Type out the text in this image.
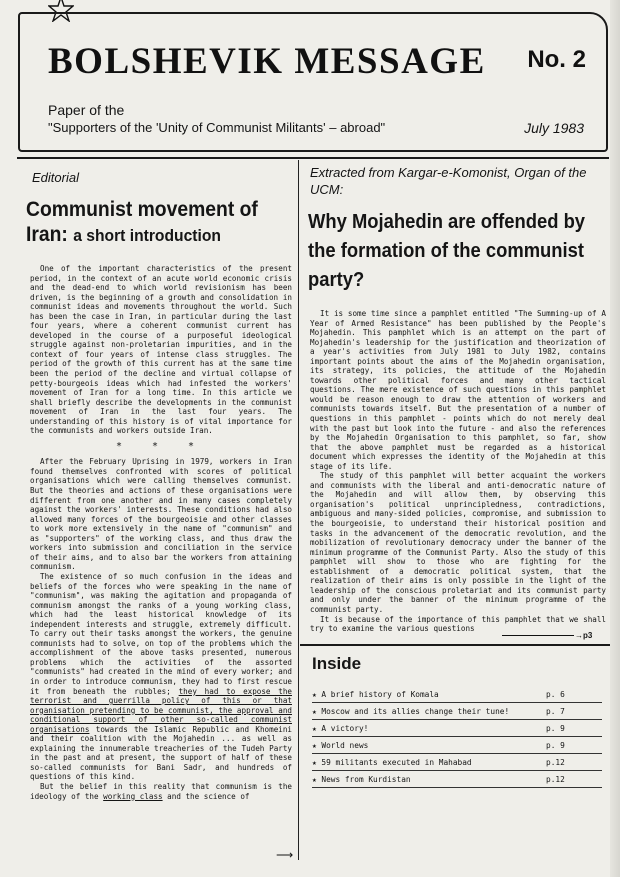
BOLSHEVIK MESSAGE No. 2
Paper of the
"Supporters of the 'Unity of Communist Militants' – abroad"	July 1983
Editorial
Communist movement of Iran: a short introduction

One of the important characteristics of the present period, in the context of an acute world economic crisis and the dead-end to which world revisionism has been driven, is the beginning of a growth and consolidation in communist ideas and movements throughout the world. Such has been the case in Iran, in particular during the last four years, where a coherent communist current has developed in the course of a purposeful ideological struggle against non-proletarian impurities, and in the context of four years of intense class struggles. The period of the growth of this current has at the same time been the period of the decline and virtual collapse of petty-bourgeois ideas which had infested the workers' movement of Iran for a long time. In this article we shall briefly describe the developments in the communist movement of Iran in the last four years. The understanding of this history is of vital importance for the communists and workers outside Iran.

* * *

After the February Uprising in 1979, workers in Iran found themselves confronted with scores of political organisations which were calling themselves communist. But the theories and actions of these organisations were different from one another and in many cases completely against the workers' interests. These conditions had also allowed many forces of the bourgeoisie and other classes to work more extensively in the name of "communism" and as "supporters" of the working class, and thus draw the workers into submission and conciliation in the service of their aims, and to also bar the workers from attaining communism.

The existence of so much confusion in the ideas and beliefs of the forces who were speaking in the name of "communism", was making the agitation and propaganda of communism amongst the ranks of a young working class, which had the least historical knowledge of its independent interests and struggle, extremely difficult. To carry out their tasks amongst the workers, the genuine communists had to solve, on top of the problems which the accomplishment of the above tasks presented, numerous problems which the activities of the assorted "communists" had created in the mind of every worker; and in order to introduce communism, they had to first rescue it from beneath the rubbles; they had to expose the terrorist and guerrilla policy of this or that organisation pretending to be communist, the approval and conditional support of other so-called communist organisations towards the Islamic Republic and Khomeini and their coalition with the Mojahedin ... as well as explaining the innumerable treacheries of the Tudeh Party in the past and at present, the support of half of these so-called communists for Bani Sadr, and hundreds of questions of this kind.

But the belief in this reality that communism is the ideology of the working class and the science of

⟶
Extracted from Kargar-e-Komonist, Organ of the UCM:
Why Mojahedin are offended by the formation of the communist party?

It is some time since a pamphlet entitled "The Summing-up of A Year of Armed Resistance" has been published by the People's Mojahedin. This pamphlet which is an attempt on the part of Mojahedin's leadership for the justification and theorization of a year's activities from July 1981 to July 1982, contains important points about the aims of the Mojahedin organisation, its strategy, its policies, the attitude of the Mojahedin towards other political forces and many other tactical questions. The mere existence of such questions in this pamphlet would be reason enough to draw the attention of workers and communists towards itself. But the presentation of a number of questions in this pamphlet - points which do not merely deal with the past but look into the future - and also the references by the Mojahedin Organisation to this pamphlet, so far, show that the above pamphlet must be regarded as a historical document which expresses the identity of the Mojahedin at this stage of its life.

The study of this pamphlet will better acquaint the workers and communists with the liberal and anti-democratic nature of the Mojahedin and will allow them, by observing this organisation's political unprincipledness, contradictions, ambiguous and many-sided policies, compromise, and submission to the bourgeoisie, to understand their historical position and tasks in the advancement of the democratic revolution, and the mobilization of revolutionary democracy under the banner of the minimum programme of the Communist Party. Also the study of this pamphlet will show to those who are fighting for the establishment of a democratic political system, that the realization of their aims is only possible in the light of the leadership of the conscious proletariat and its communist party and only under the banner of the minimum programme of the communist party.

It is because of the importance of this pamphlet that we shall try to examine the various questions

→p3
Inside
★ A brief history of Komala	p. 6
★ Moscow and its allies change their tune!	p. 7
★ A victory!	p. 9
★ World news	p. 9
★ 59 militants executed in Mahabad	p.12
★ News from Kurdistan	p.12
